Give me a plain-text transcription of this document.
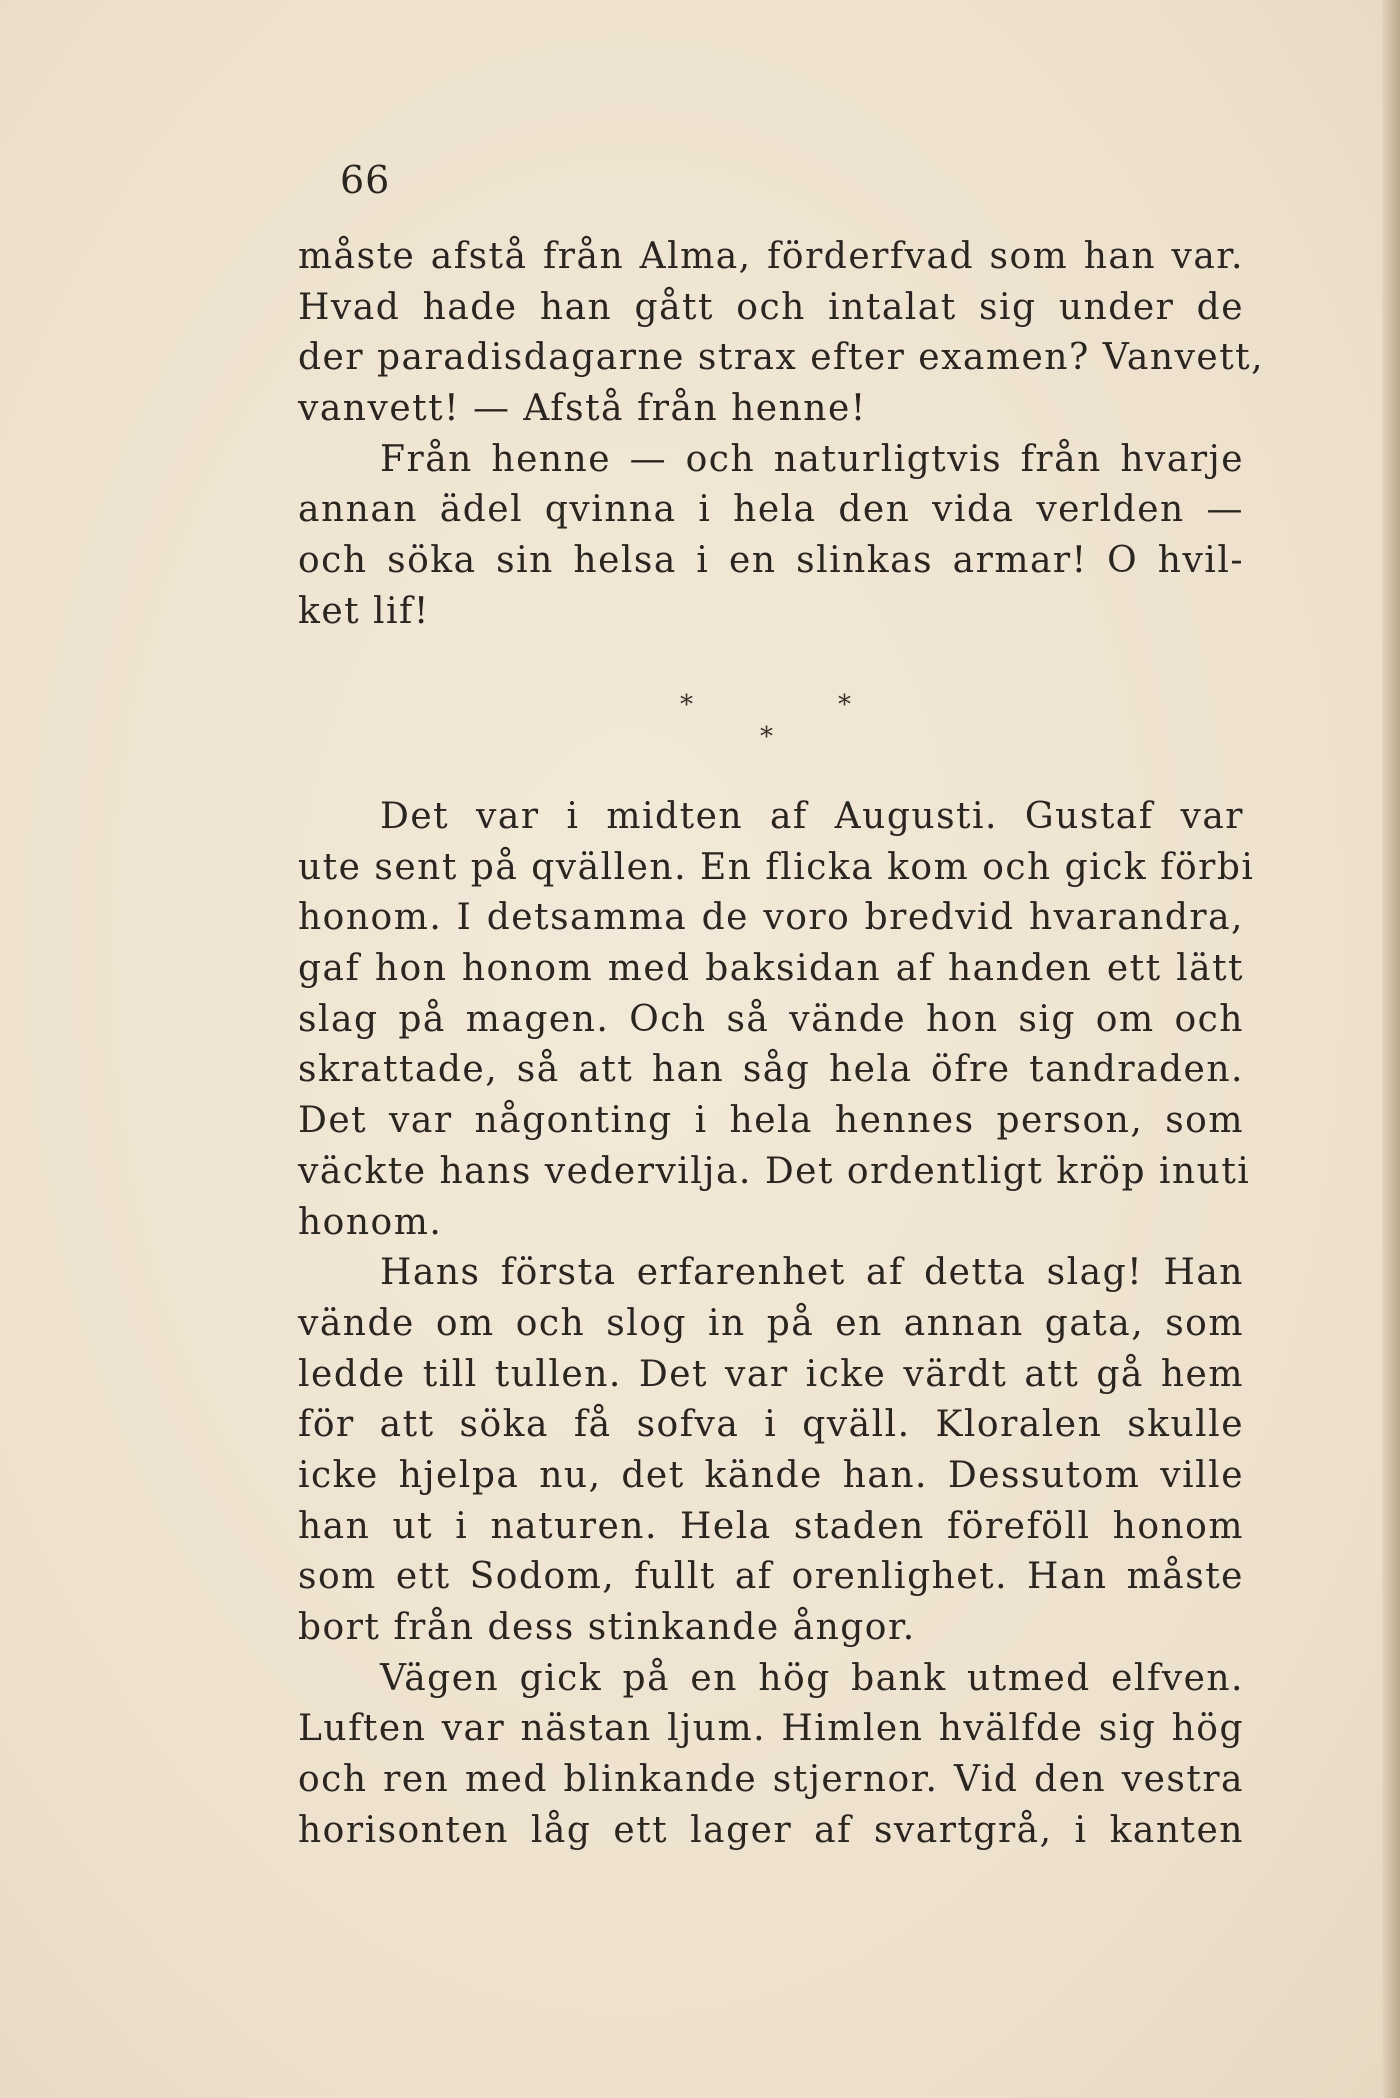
66
måste afstå från Alma, förderfvad som han var.
Hvad hade han gått och intalat sig under de
der paradisdagarne strax efter examen? Vanvett,
vanvett! — Afstå från henne!
Från henne — och naturligtvis från hvarje
annan ädel qvinna i hela den vida verlden —
och söka sin helsa i en slinkas armar! O hvil-
ket lif!
*	*
*
Det var i midten af Augusti. Gustaf var
ute sent på qvällen. En flicka kom och gick förbi
honom. I detsamma de voro bredvid hvarandra,
gaf hon honom med baksidan af handen ett lätt
slag på magen. Och så vände hon sig om och
skrattade, så att han såg hela öfre tandraden.
Det var någonting i hela hennes person, som
väckte hans vedervilja. Det ordentligt kröp inuti
honom.
Hans första erfarenhet af detta slag! Han
vände om och slog in på en annan gata, som
ledde till tullen. Det var icke värdt att gå hem
för att söka få sofva i qväll. Kloralen skulle
icke hjelpa nu, det kände han. Dessutom ville
han ut i naturen. Hela staden föreföll honom
som ett Sodom, fullt af orenlighet. Han måste
bort från dess stinkande ångor.
Vägen gick på en hög bank utmed elfven.
Luften var nästan ljum. Himlen hvälfde sig hög
och ren med blinkande stjernor. Vid den vestra
horisonten låg ett lager af svartgrå, i kanten
